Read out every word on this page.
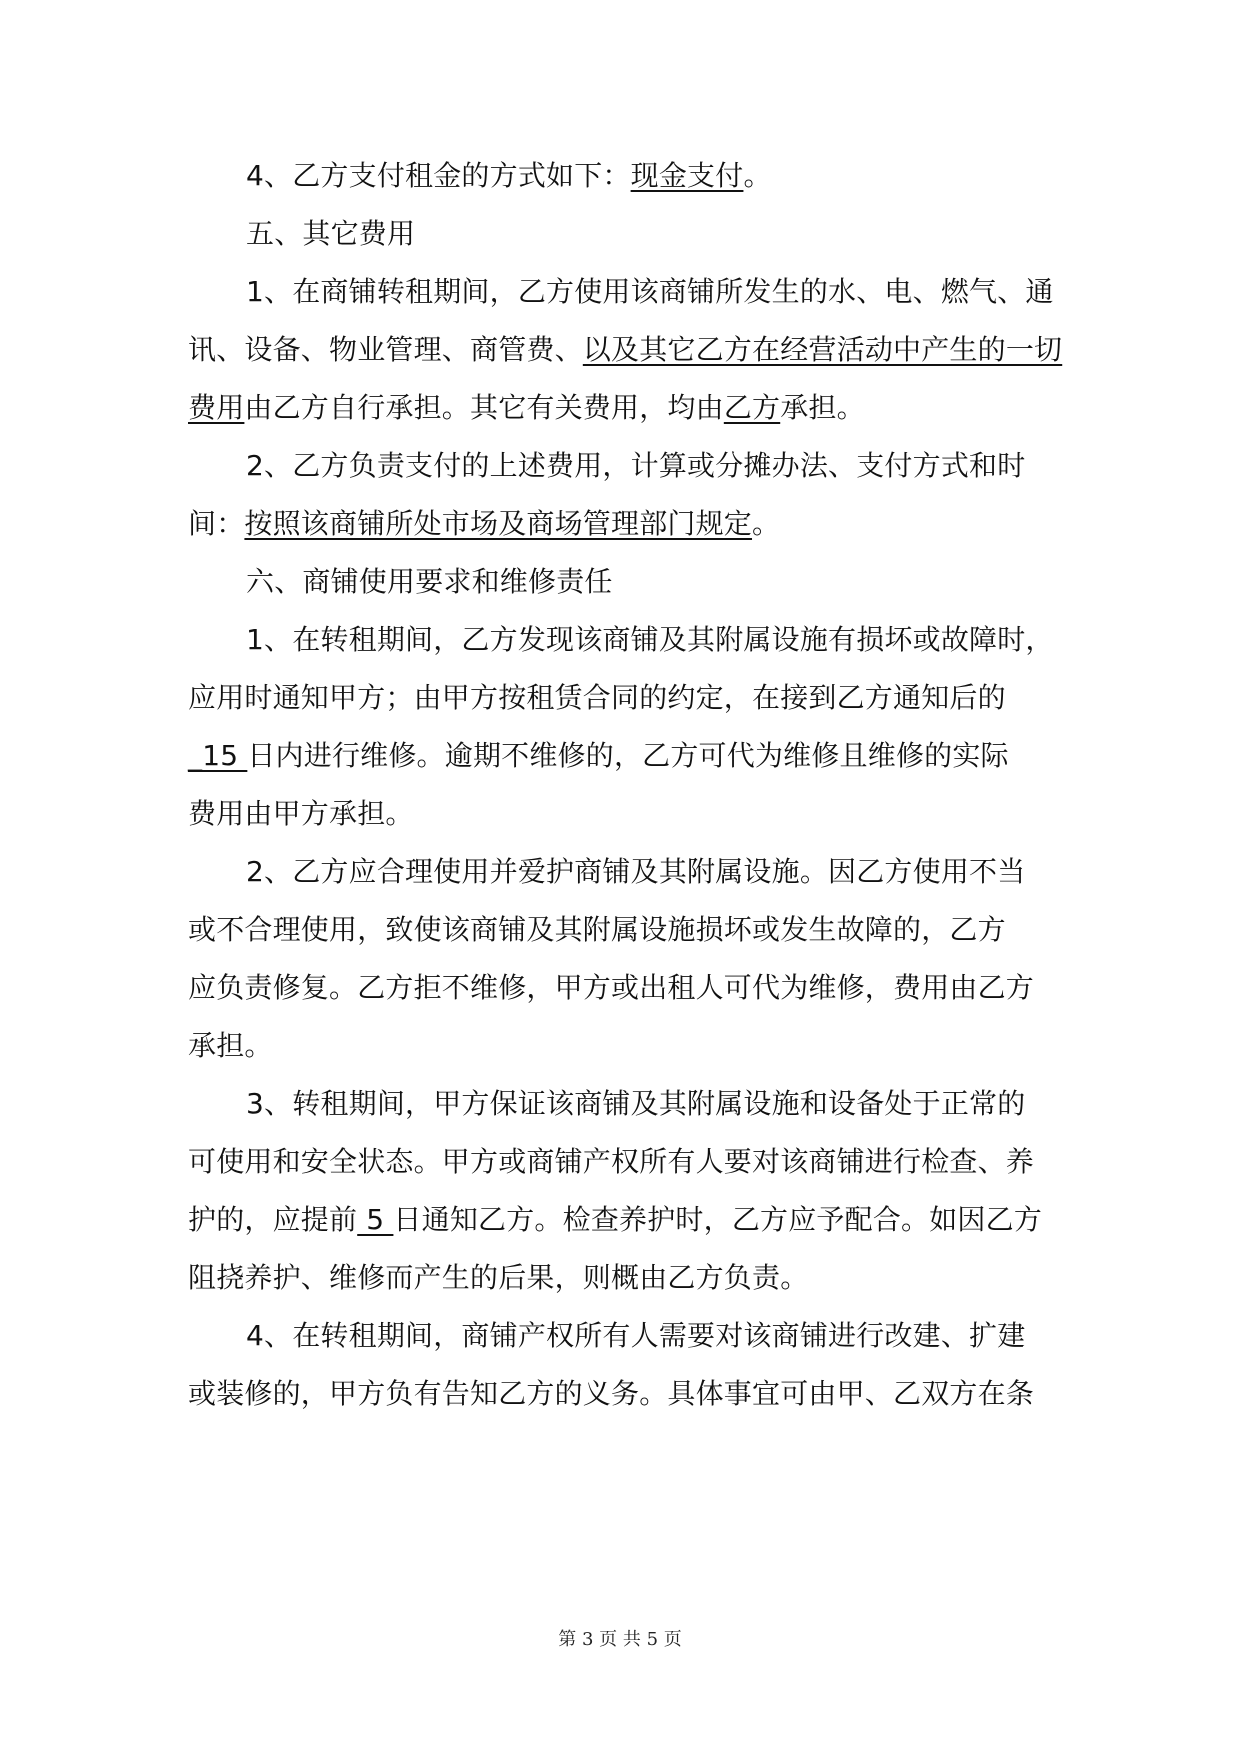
4、乙方支付租金的方式如下：现金支付。
五、其它费用
1、在商铺转租期间，乙方使用该商铺所发生的水、电、燃气、通
讯、设备、物业管理、商管费、以及其它乙方在经营活动中产生的一切
费用由乙方自行承担。其它有关费用，均由乙方承担。
2、乙方负责支付的上述费用，计算或分摊办法、支付方式和时
间：按照该商铺所处市场及商场管理部门规定。
六、商铺使用要求和维修责任
1、在转租期间，乙方发现该商铺及其附属设施有损坏或故障时，
应用时通知甲方；由甲方按租赁合同的约定，在接到乙方通知后的
_15 日内进行维修。逾期不维修的，乙方可代为维修且维修的实际
费用由甲方承担。
2、乙方应合理使用并爱护商铺及其附属设施。因乙方使用不当
或不合理使用，致使该商铺及其附属设施损坏或发生故障的，乙方
应负责修复。乙方拒不维修，甲方或出租人可代为维修，费用由乙方
承担。
3、转租期间，甲方保证该商铺及其附属设施和设备处于正常的
可使用和安全状态。甲方或商铺产权所有人要对该商铺进行检查、养
护的，应提前 5 日通知乙方。检查养护时，乙方应予配合。如因乙方
阻挠养护、维修而产生的后果，则概由乙方负责。
4、在转租期间，商铺产权所有人需要对该商铺进行改建、扩建
或装修的，甲方负有告知乙方的义务。具体事宜可由甲、乙双方在条
第 3 页 共 5 页
